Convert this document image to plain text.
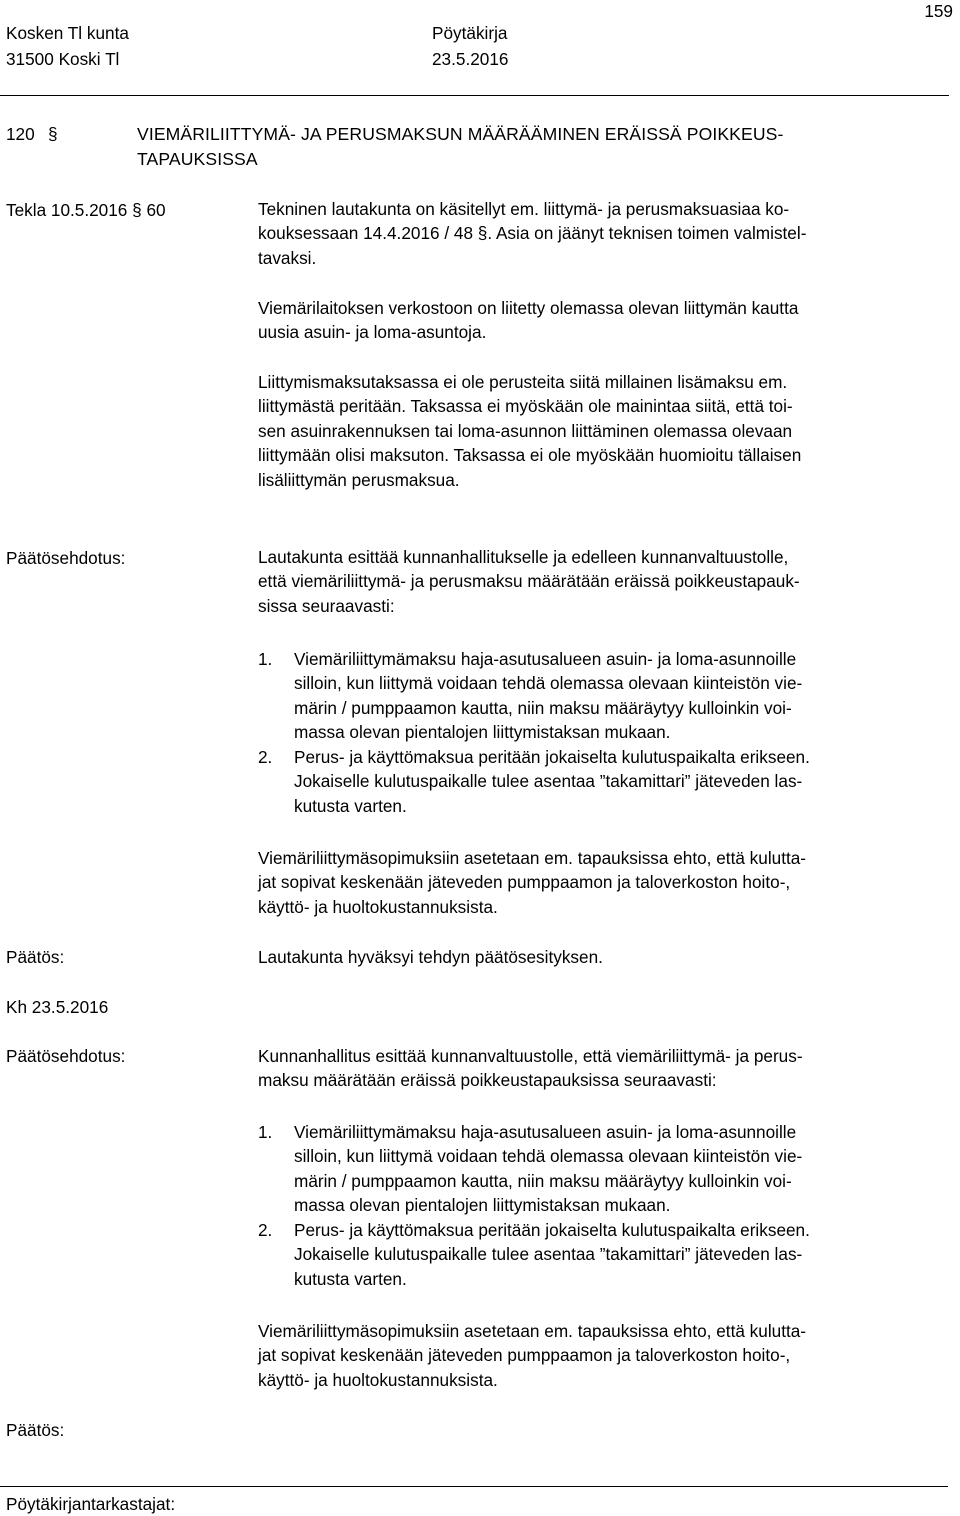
Kosken Tl kunta
31500 Koski Tl
Pöytäkirja
23.5.2016
159
120 §	VIEMÄRILIITTYMÄ- JA PERUSMAKSUN MÄÄRÄÄMINEN ERÄISSÄ POIKKEUS-
TAPAUKSISSA
Tekla 10.5.2016 § 60	Tekninen lautakunta on käsitellyt em. liittymä- ja perusmaksuasiaa ko-
kouksessaan 14.4.2016 / 48 §. Asia on jäänyt teknisen toimen valmistel-
tavaksi.
Viemärilaitoksen verkostoon on liitetty olemassa olevan liittymän kautta
uusia asuin- ja loma-asuntoja.
Liittymismaksutaksassa ei ole perusteita siitä millainen lisämaksu em.
liittymästä peritään. Taksassa ei myöskään ole mainintaa siitä, että toi-
sen asuinrakennuksen tai loma-asunnon liittäminen olemassa olevaan
liittymään olisi maksuton. Taksassa ei ole myöskään huomioitu tällaisen
lisäliittymän perusmaksua.
Päätösehdotus:	Lautakunta esittää kunnanhallitukselle ja edelleen kunnanvaltuustolle,
että viemäriliittymä- ja perusmaksu määrätään eräissä poikkeustapauk-
sissa seuraavasti:
1. Viemäriliittymämaksu haja-asutusalueen asuin- ja loma-asunnoille
silloin, kun liittymä voidaan tehdä olemassa olevaan kiinteistön vie-
märin / pumppaamon kautta, niin maksu määräytyy kulloinkin voi-
massa olevan pientalojen liittymistaksan mukaan.
2. Perus- ja käyttömaksua peritään jokaiselta kulutuspaikalta erikseen.
Jokaiselle kulutuspaikalle tulee asentaa ”takamittari” jäteveden las-
kutusta varten.
Viemäriliittymäsopimuksiin asetetaan em. tapauksissa ehto, että kulutta-
jat sopivat keskenään jäteveden pumppaamon ja taloverkoston hoito-,
käyttö- ja huoltokustannuksista.
Päätös:	Lautakunta hyväksyi tehdyn päätösesityksen.
Kh 23.5.2016
Päätösehdotus:	Kunnanhallitus esittää kunnanvaltuustolle, että viemäriliittymä- ja perus-
maksu määrätään eräissä poikkeustapauksissa seuraavasti:
1. Viemäriliittymämaksu haja-asutusalueen asuin- ja loma-asunnoille
silloin, kun liittymä voidaan tehdä olemassa olevaan kiinteistön vie-
märin / pumppaamon kautta, niin maksu määräytyy kulloinkin voi-
massa olevan pientalojen liittymistaksan mukaan.
2. Perus- ja käyttömaksua peritään jokaiselta kulutuspaikalta erikseen.
Jokaiselle kulutuspaikalle tulee asentaa ”takamittari” jäteveden las-
kutusta varten.
Viemäriliittymäsopimuksiin asetetaan em. tapauksissa ehto, että kulutta-
jat sopivat keskenään jäteveden pumppaamon ja taloverkoston hoito-,
käyttö- ja huoltokustannuksista.
Päätös:
Pöytäkirjantarkastajat:
